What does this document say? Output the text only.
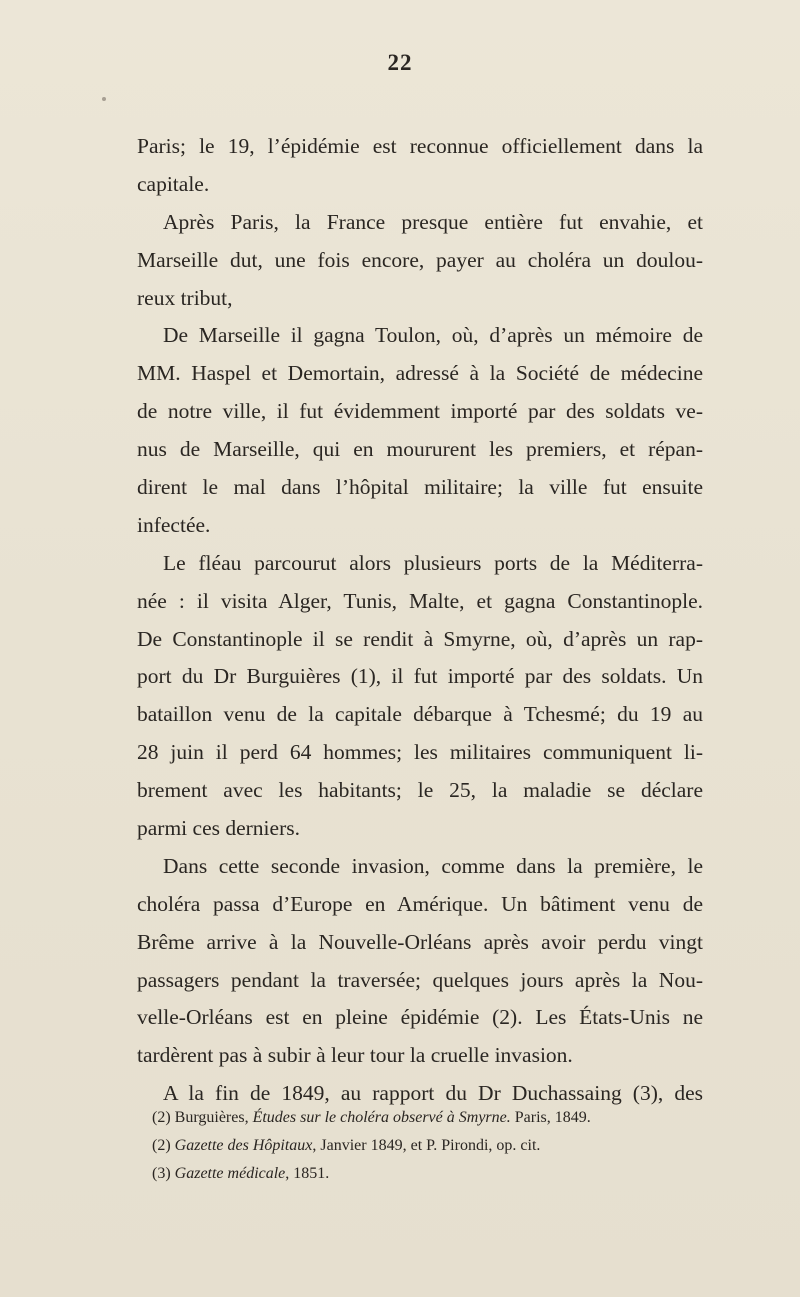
22
Paris; le 19, l’épidémie est reconnue officiellement dans la
capitale.
Après Paris, la France presque entière fut envahie, et
Marseille dut, une fois encore, payer au choléra un doulou-
reux tribut,
De Marseille il gagna Toulon, où, d’après un mémoire de
MM. Haspel et Demortain, adressé à la Société de médecine
de notre ville, il fut évidemment importé par des soldats ve-
nus de Marseille, qui en moururent les premiers, et répan-
dirent le mal dans l’hôpital militaire; la ville fut ensuite
infectée.
Le fléau parcourut alors plusieurs ports de la Méditerra-
née : il visita Alger, Tunis, Malte, et gagna Constantinople.
De Constantinople il se rendit à Smyrne, où, d’après un rap-
port du Dr Burguières (1), il fut importé par des soldats. Un
bataillon venu de la capitale débarque à Tchesmé; du 19 au
28 juin il perd 64 hommes; les militaires communiquent li-
brement avec les habitants; le 25, la maladie se déclare
parmi ces derniers.
Dans cette seconde invasion, comme dans la première, le
choléra passa d’Europe en Amérique. Un bâtiment venu de
Brême arrive à la Nouvelle-Orléans après avoir perdu vingt
passagers pendant la traversée; quelques jours après la Nou-
velle-Orléans est en pleine épidémie (2). Les États-Unis ne
tardèrent pas à subir à leur tour la cruelle invasion.
A la fin de 1849, au rapport du Dr Duchassaing (3), des
(2) Burguières, Études sur le choléra observé à Smyrne. Paris, 1849.
(2) Gazette des Hôpitaux, Janvier 1849, et P. Pirondi, op. cit.
(3) Gazette médicale, 1851.
